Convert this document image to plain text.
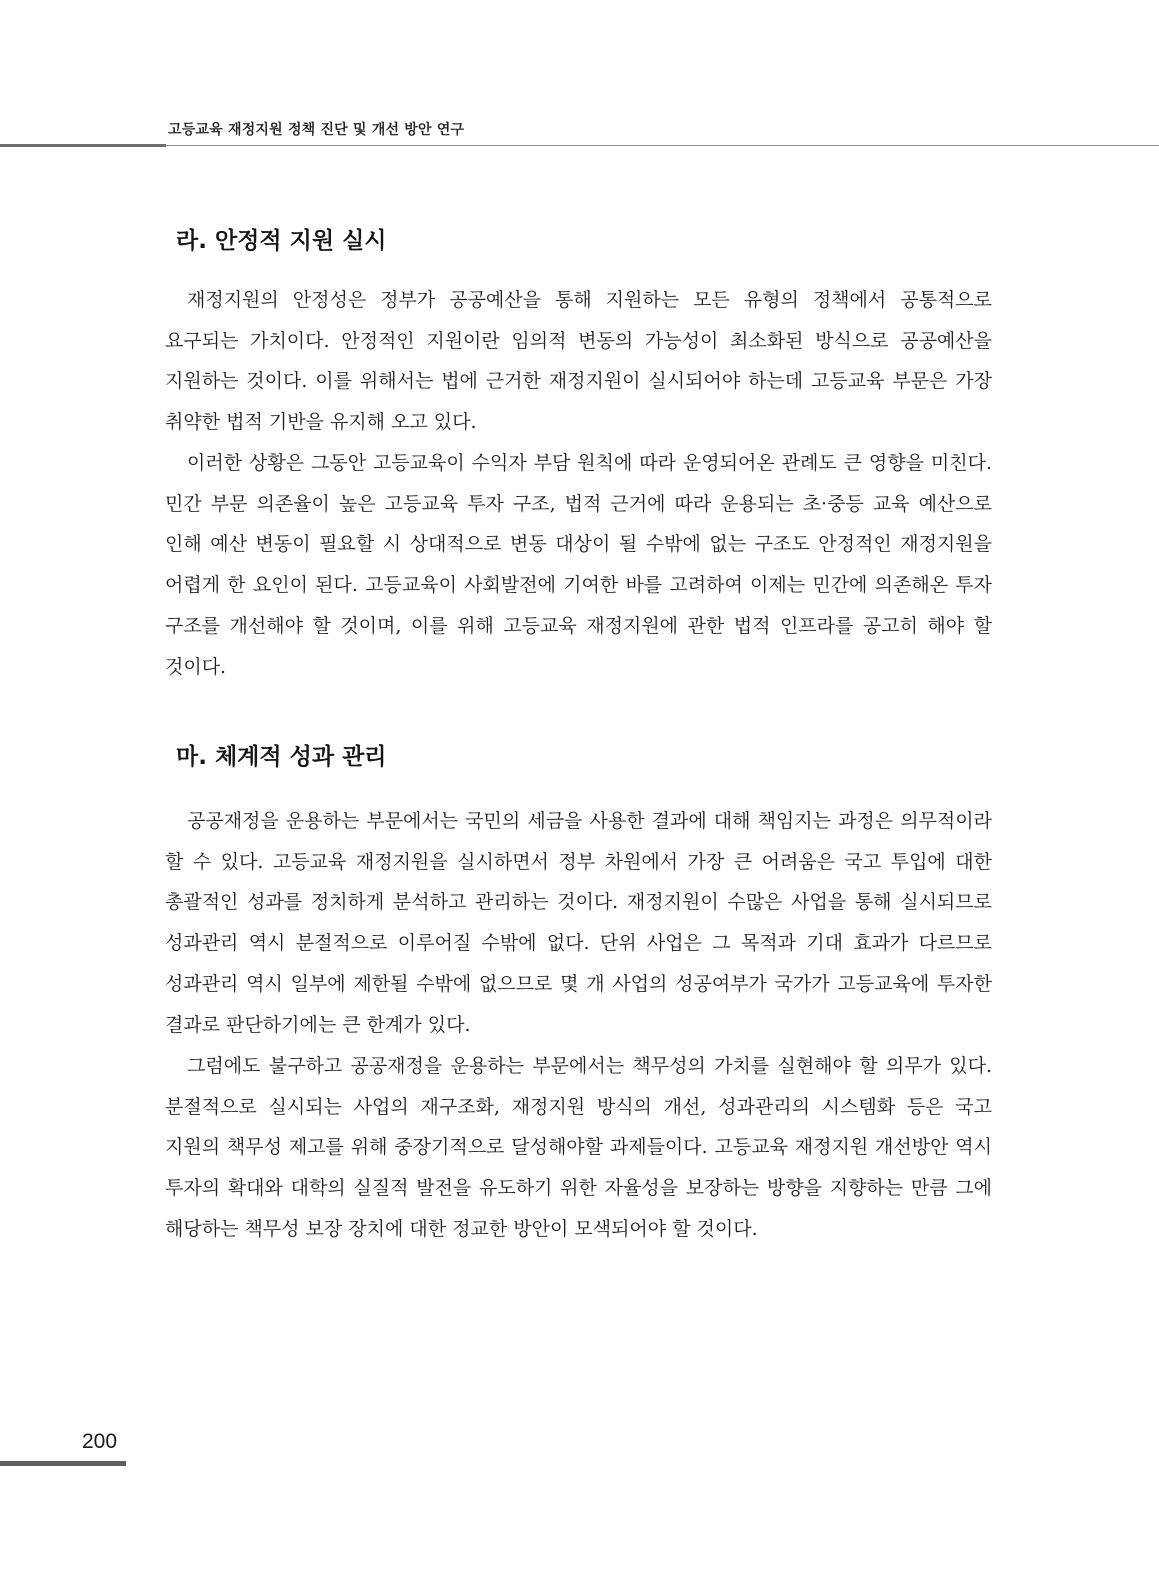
고등교육 재정지원 정책 진단 및 개선 방안 연구
라. 안정적 지원 실시

재정지원의 안정성은 정부가 공공예산을 통해 지원하는 모든 유형의 정책에서 공통적으로 요구되는 가치이다. 안정적인 지원이란 임의적 변동의 가능성이 최소화된 방식으로 공공예산을 지원하는 것이다. 이를 위해서는 법에 근거한 재정지원이 실시되어야 하는데 고등교육 부문은 가장 취약한 법적 기반을 유지해 오고 있다.

이러한 상황은 그동안 고등교육이 수익자 부담 원칙에 따라 운영되어온 관례도 큰 영향을 미친다. 민간 부문 의존율이 높은 고등교육 투자 구조, 법적 근거에 따라 운용되는 초·중등 교육 예산으로 인해 예산 변동이 필요할 시 상대적으로 변동 대상이 될 수밖에 없는 구조도 안정적인 재정지원을 어렵게 한 요인이 된다. 고등교육이 사회발전에 기여한 바를 고려하여 이제는 민간에 의존해온 투자 구조를 개선해야 할 것이며, 이를 위해 고등교육 재정지원에 관한 법적 인프라를 공고히 해야 할 것이다.

마. 체계적 성과 관리

공공재정을 운용하는 부문에서는 국민의 세금을 사용한 결과에 대해 책임지는 과정은 의무적이라 할 수 있다. 고등교육 재정지원을 실시하면서 정부 차원에서 가장 큰 어려움은 국고 투입에 대한 총괄적인 성과를 정치하게 분석하고 관리하는 것이다. 재정지원이 수많은 사업을 통해 실시되므로 성과관리 역시 분절적으로 이루어질 수밖에 없다. 단위 사업은 그 목적과 기대 효과가 다르므로 성과관리 역시 일부에 제한될 수밖에 없으므로 몇 개 사업의 성공여부가 국가가 고등교육에 투자한 결과로 판단하기에는 큰 한계가 있다.

그럼에도 불구하고 공공재정을 운용하는 부문에서는 책무성의 가치를 실현해야 할 의무가 있다. 분절적으로 실시되는 사업의 재구조화, 재정지원 방식의 개선, 성과관리의 시스템화 등은 국고 지원의 책무성 제고를 위해 중장기적으로 달성해야할 과제들이다. 고등교육 재정지원 개선방안 역시 투자의 확대와 대학의 실질적 발전을 유도하기 위한 자율성을 보장하는 방향을 지향하는 만큼 그에 해당하는 책무성 보장 장치에 대한 정교한 방안이 모색되어야 할 것이다.

200
